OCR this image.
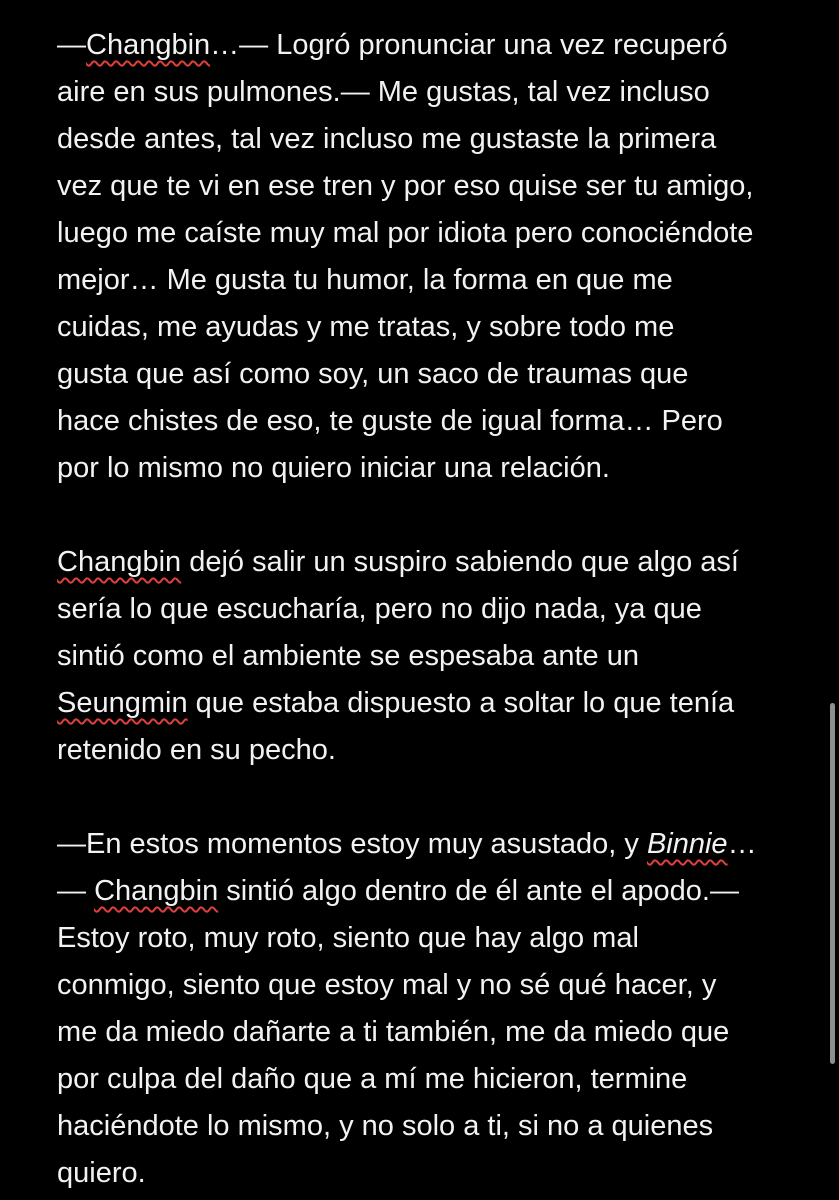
—Changbin…— Logró pronunciar una vez recuperó
aire en sus pulmones.— Me gustas, tal vez incluso
desde antes, tal vez incluso me gustaste la primera
vez que te vi en ese tren y por eso quise ser tu amigo,
luego me caíste muy mal por idiota pero conociéndote
mejor… Me gusta tu humor, la forma en que me
cuidas, me ayudas y me tratas, y sobre todo me
gusta que así como soy, un saco de traumas que
hace chistes de eso, te guste de igual forma… Pero
por lo mismo no quiero iniciar una relación.
Changbin dejó salir un suspiro sabiendo que algo así
sería lo que escucharía, pero no dijo nada, ya que
sintió como el ambiente se espesaba ante un
Seungmin que estaba dispuesto a soltar lo que tenía
retenido en su pecho.
—En estos momentos estoy muy asustado, y Binnie…
— Changbin sintió algo dentro de él ante el apodo.—
Estoy roto, muy roto, siento que hay algo mal
conmigo, siento que estoy mal y no sé qué hacer, y
me da miedo dañarte a ti también, me da miedo que
por culpa del daño que a mí me hicieron, termine
haciéndote lo mismo, y no solo a ti, si no a quienes
quiero.
